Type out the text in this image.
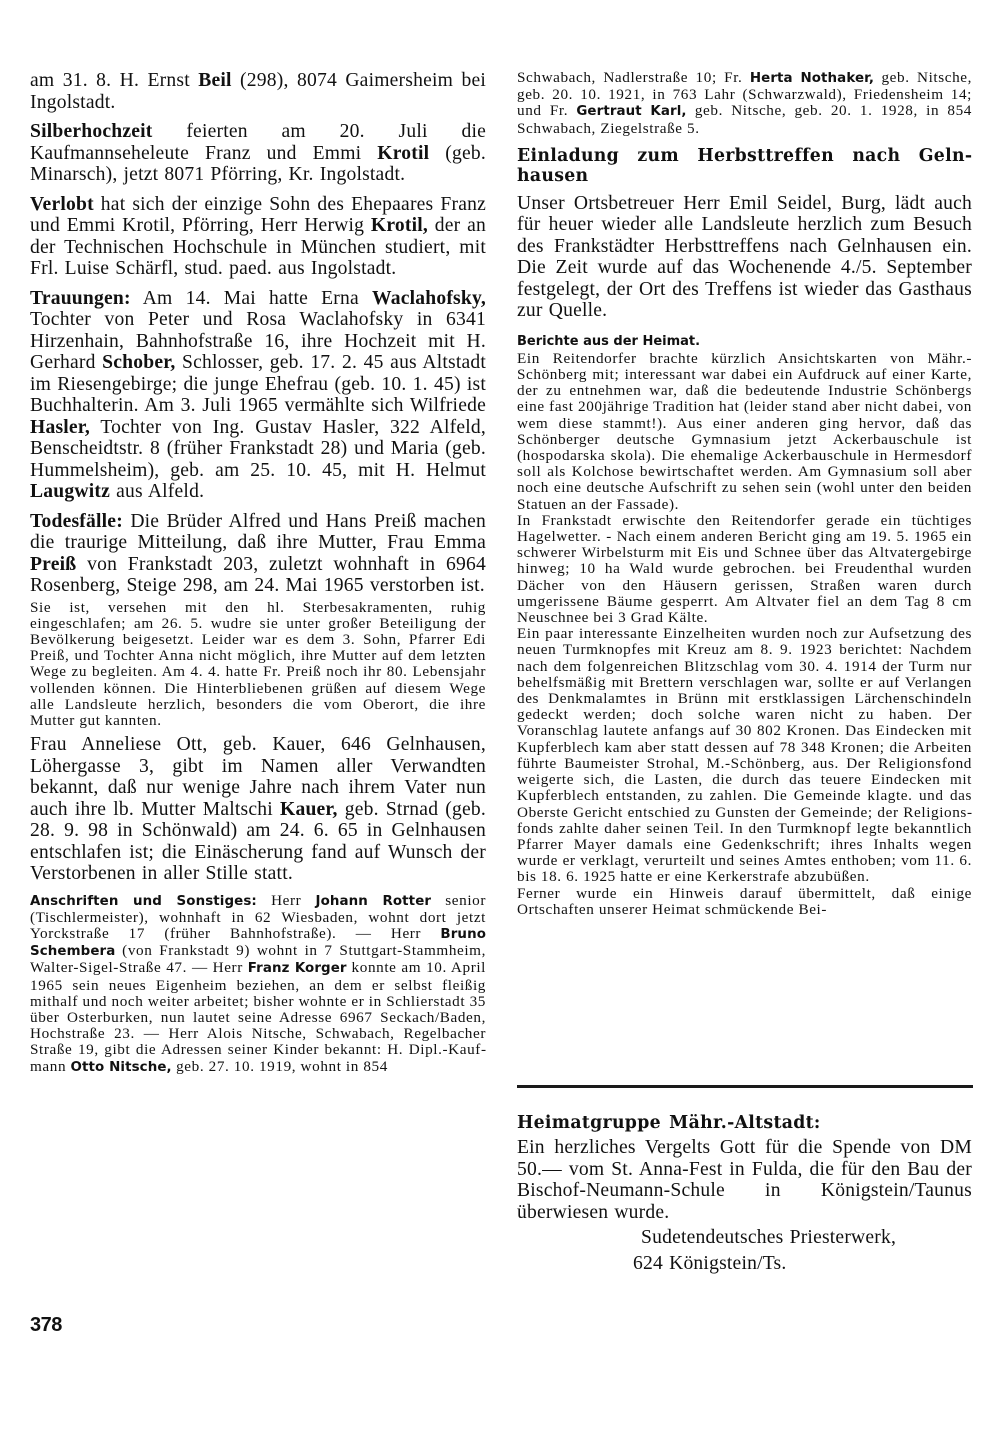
am 31. 8. H. Ernst Beil (298), 8074 Gaimersheim bei Ingolstadt.

Silberhochzeit feierten am 20. Juli die Kaufmannseheleute Franz und Emmi Krotil (geb. Minarsch), jetzt 8071 Pförring, Kr. Ingolstadt.

Verlobt hat sich der einzige Sohn des Ehepaares Franz und Emmi Krotil, Pförring, Herr Herwig Krotil, der an der Technischen Hochschule in München studiert, mit Frl. Luise Schärfl, stud. paed. aus Ingolstadt.

Trauungen: Am 14. Mai hatte Erna Waclahofsky, Tochter von Peter und Rosa Waclahofsky in 6341 Hirzenhain, Bahnhofstraße 16, ihre Hochzeit mit H. Gerhard Schober, Schlosser, geb. 17. 2. 45 aus Altstadt im Riesengebirge; die junge Ehefrau (geb. 10. 1. 45) ist Buchhalterin. Am 3. Juli 1965 vermählte sich Wilfriede Hasler, Tochter von Ing. Gustav Hasler, 322 Alfeld, Benscheidtstr. 8 (früher Frankstadt 28) und Maria (geb. Hummelsheim), geb. am 25. 10. 45, mit H. Helmut Laugwitz aus Alfeld.

Todesfälle: Die Brüder Alfred und Hans Preiß machen die traurige Mitteilung, daß ihre Mutter, Frau Emma Preiß von Frankstadt 203, zuletzt wohnhaft in 6964 Rosenberg, Steige 298, am 24. Mai 1965 verstorben ist.

Sie ist, versehen mit den hl. Sterbesakramenten, ruhig eingeschlafen; am 26. 5. wudre sie unter großer Beteiligung der Bevölkerung beigesetzt. Leider war es dem 3. Sohn, Pfarrer Edi Preiß, und Tochter Anna nicht möglich, ihre Mutter auf dem letzten Wege zu begleiten. Am 4. 4. hatte Fr. Preiß noch ihr 80. Lebensjahr vollenden können. Die Hinterbliebenen grüßen auf diesem Wege alle Landsleute herzlich, besonders die vom Oberort, die ihre Mutter gut kannten.

Frau Anneliese Ott, geb. Kauer, 646 Gelnhausen, Löhergasse 3, gibt im Namen aller Verwandten bekannt, daß nur wenige Jahre nach ihrem Vater nun auch ihre lb. Mutter Maltschi Kauer, geb. Strnad (geb. 28. 9. 98 in Schönwald) am 24. 6. 65 in Gelnhausen entschlafen ist; die Einäscherung fand auf Wunsch der Verstorbenen in aller Stille statt.

Anschriften und Sonstiges: Herr Johann Rotter senior (Tischlermeister), wohnhaft in 62 Wiesbaden, wohnt dort jetzt Yorckstraße 17 (früher Bahnhofstraße). — Herr Bruno Schembera (von Frankstadt 9) wohnt in 7 Stuttgart-Stammheim, Walter-Sigel-Straße 47. — Herr Franz Korger konnte am 10. April 1965 sein neues Eigenheim beziehen, an dem er selbst fleißig mithalf und noch weiter arbeitet; bisher wohnte er in Schlierstadt 35 über Osterburken, nun lautet seine Adresse 6967 Seckach/Baden, Hochstraße 23. — Herr Alois Nitsche, Schwabach, Regelbacher Straße 19, gibt die Adressen seiner Kinder bekannt: H. Dipl.-Kaufmann Otto Nitsche, geb. 27. 10. 1919, wohnt in 854

Schwabach, Nadlerstraße 10; Fr. Herta Nothaker, geb. Nitsche, geb. 20. 10. 1921, in 763 Lahr (Schwarzwald), Friedensheim 14; und Fr. Gertraut Karl, geb. Nitsche, geb. 20. 1. 1928, in 854 Schwabach, Ziegelstraße 5.

Einladung zum Herbsttreffen nach Gelnhausen

Unser Ortsbetreuer Herr Emil Seidel, Burg, lädt auch für heuer wieder alle Landsleute herzlich zum Besuch des Frankstädter Herbsttreffens nach Gelnhausen ein. Die Zeit wurde auf das Wochenende 4./5. September festgelegt, der Ort des Treffens ist wieder das Gasthaus zur Quelle.

Berichte aus der Heimat.

Ein Reitendorfer brachte kürzlich Ansichtskarten von Mähr.-Schönberg mit; interessant war dabei ein Aufdruck auf einer Karte, der zu entnehmen war, daß die bedeutende Industrie Schönbergs eine fast 200jährige Tradition hat (leider stand aber nicht dabei, von wem diese stammt!). Aus einer anderen ging hervor, daß das Schönberger deutsche Gymnasium jetzt Ackerbauschule ist (hospodarska skola). Die ehemalige Ackerbauschule in Hermesdorf soll als Kolchose bewirtschaftet werden. Am Gymnasium soll aber noch eine deutsche Aufschrift zu sehen sein (wohl unter den beiden Statuen an der Fassade).

In Frankstadt erwischte den Reitendorfer gerade ein tüchtiges Hagelwetter. - Nach einem anderen Bericht ging am 19. 5. 1965 ein schwerer Wirbelsturm mit Eis und Schnee über das Altvatergebirge hinweg; 10 ha Wald wurde gebrochen. bei Freudenthal wurden Dächer von den Häusern gerissen, Straßen waren durch umgerissene Bäume gesperrt. Am Altvater fiel an dem Tag 8 cm Neuschnee bei 3 Grad Kälte.

Ein paar interessante Einzelheiten wurden noch zur Aufsetzung des neuen Turmknopfes mit Kreuz am 8. 9. 1923 berichtet: Nachdem nach dem folgenreichen Blitzschlag vom 30. 4. 1914 der Turm nur behelfsmäßig mit Brettern verschlagen war, sollte er auf Verlangen des Denkmalamtes in Brünn mit erstklassigen Lärchenschindeln gedeckt werden; doch solche waren nicht zu haben. Der Voranschlag lautete anfangs auf 30 802 Kronen. Das Eindecken mit Kupferblech kam aber statt dessen auf 78 348 Kronen; die Arbeiten führte Baumeister Strohal, M.-Schönberg, aus. Der Religionsfond weigerte sich, die Lasten, die durch das teuere Eindecken mit Kupferblech entstanden, zu zahlen. Die Gemeinde klagte. und das Oberste Gericht entschied zu Gunsten der Gemeinde; der Religionsfonds zahlte daher seinen Teil. In den Turmknopf legte bekanntlich Pfarrer Mayer damals eine Gedenkschrift; ihres Inhalts wegen wurde er verklagt, verurteilt und seines Amtes enthoben; vom 11. 6. bis 18. 6. 1925 hatte er eine Kerkerstrafe abzubüßen.

Ferner wurde ein Hinweis darauf übermittelt, daß einige Ortschaften unserer Heimat schmückende Bei-

Heimatgruppe Mähr.-Altstadt:

Ein herzliches Vergelts Gott für die Spende von DM 50.— vom St. Anna-Fest in Fulda, die für den Bau der Bischof-Neumann-Schule in Königstein/Taunus überwiesen wurde.

Sudetendeutsches Priesterwerk,

624 Königstein/Ts.

378
